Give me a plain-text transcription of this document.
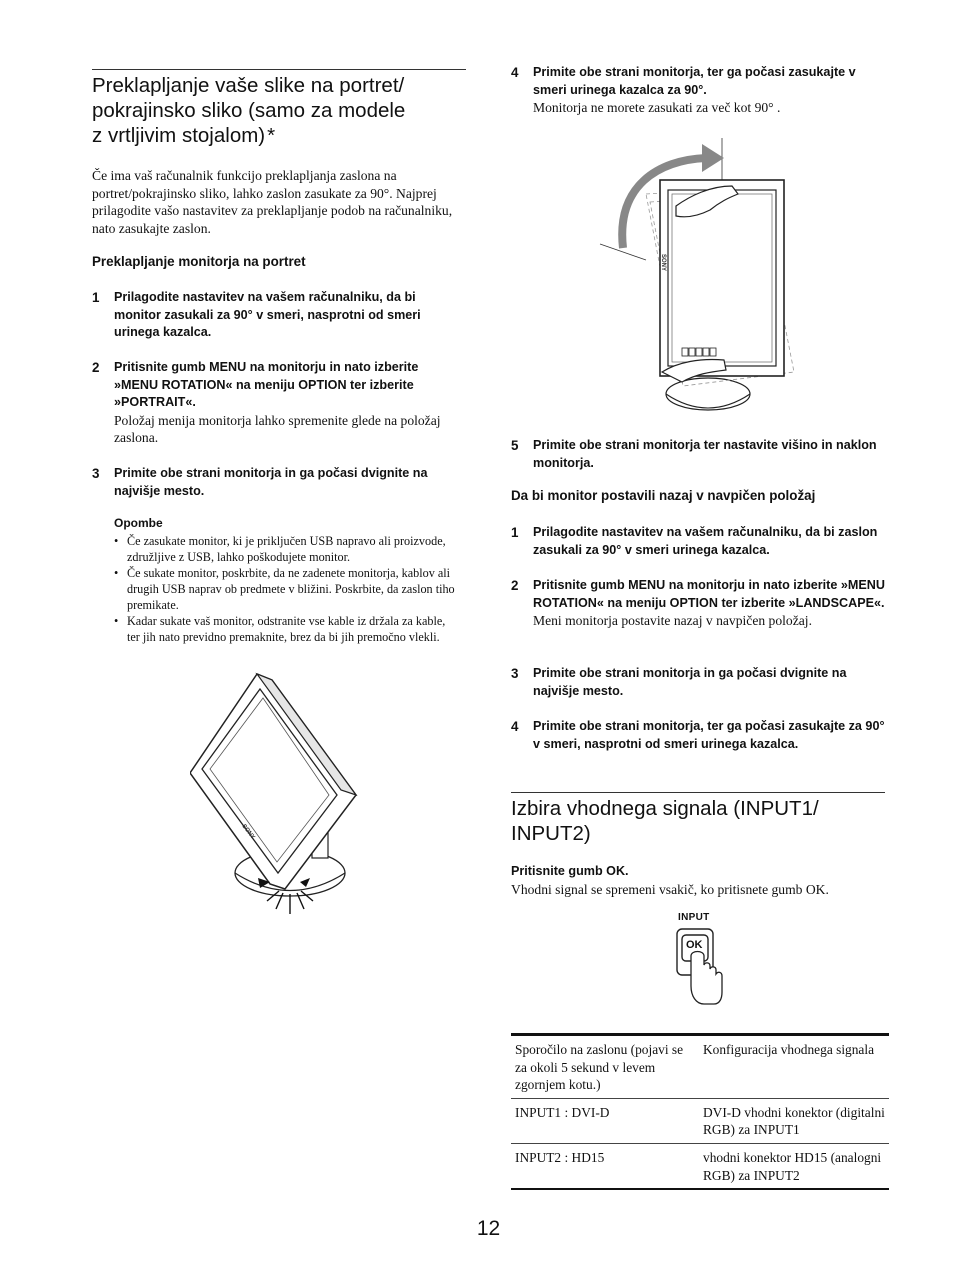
Preklapljanje vaše slike na portret/
pokrajinsko sliko (samo za modele
z vrtljivim stojalom)*
Če ima vaš računalnik funkcijo preklapljanja zaslona na portret/pokrajinsko sliko, lahko zaslon zasukate za 90°. Najprej prilagodite vašo nastavitev za preklapljanje podob na računalniku, nato zasukajte zaslon.
Preklapljanje monitorja na portret
1 Prilagodite nastavitev na vašem računalniku, da bi monitor zasukali za 90° v smeri, nasprotni od smeri urinega kazalca.
2 Pritisnite gumb MENU na monitorju in nato izberite »MENU ROTATION« na meniju OPTION ter izberite »PORTRAIT«.
Položaj menija monitorja lahko spremenite glede na položaj zaslona.
3 Primite obe strani monitorja in ga počasi dvignite na najvišje mesto.
Opombe
• Če zasukate monitor, ki je priključen USB napravo ali proizvode, združljive z USB, lahko poškodujete monitor.
• Če sukate monitor, poskrbite, da ne zadenete monitorja, kablov ali drugih USB naprav ob predmete v bližini. Poskrbite, da zaslon tiho premikate.
• Kadar sukate vaš monitor, odstranite vse kable iz držala za kable, ter jih nato previdno premaknite, brez da bi jih premočno vlekli.
SONY
4 Primite obe strani monitorja, ter ga počasi zasukajte v smeri urinega kazalca za 90°.
Monitorja ne morete zasukati za več kot 90° .
SONY
5 Primite obe strani monitorja ter nastavite višino in naklon monitorja.
Da bi monitor postavili nazaj v navpičen položaj
1 Prilagodite nastavitev na vašem računalniku, da bi zaslon zasukali za 90° v smeri urinega kazalca.
2 Pritisnite gumb MENU na monitorju in nato izberite »MENU ROTATION« na meniju OPTION ter izberite »LANDSCAPE«.
Meni monitorja postavite nazaj v navpičen položaj.
3 Primite obe strani monitorja in ga počasi dvignite na najvišje mesto.
4 Primite obe strani monitorja, ter ga počasi zasukajte za 90° v smeri, nasprotni od smeri urinega kazalca.
Izbira vhodnega signala (INPUT1/
INPUT2)
Pritisnite gumb OK.
Vhodni signal se spremeni vsakič, ko pritisnete gumb OK.
INPUT
OK
Sporočilo na zaslonu (pojavi se za okoli 5 sekund v levem zgornjem kotu.)	Konfiguracija vhodnega signala
INPUT1 : DVI-D	DVI-D vhodni konektor (digitalni RGB) za INPUT1
INPUT2 : HD15	vhodni konektor HD15 (analogni RGB) za INPUT2
12
